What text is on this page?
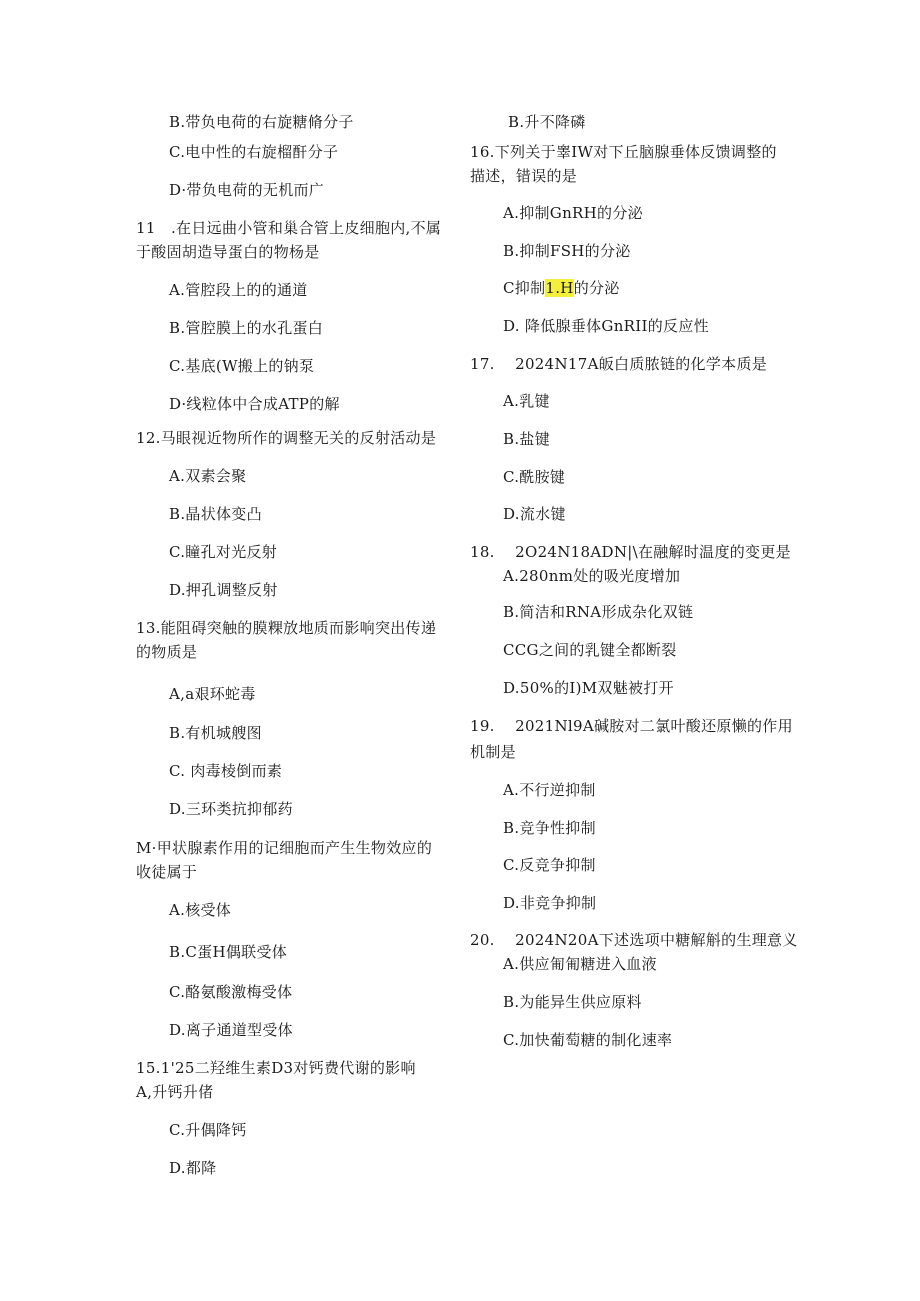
B.带负电荷的右旋糖脩分子
C.电中性的右旋榴酐分子
D·带负电荷的无机而广
11　.在日远曲小管和巢合管上皮细胞内,不属
于酸固胡造导蛋白的物杨是
A.管腔段上的的通道
B.管腔膜上的水孔蛋白
C.基底(W搬上的钠泵
D·线粒体中合成ATP的解
12.马眼视近物所作的调整无关的反射活动是
A.双素会聚
B.晶状体变凸
C.瞳孔对光反射
D.押孔调整反射
13.能阻碍突触的膜粿放地质而影响突出传递
的物质是
A,a艰环蛇毒
B.有机城艘图
C. 肉毒棱倒而素
D.三环类抗抑郁药
M·甲状腺素作用的记细胞而产生生物效应的
收徒属于
A.核受体
B.C蛋H偶联受体
C.酪氨酸激梅受体
D.离子通道型受体
15.1'25二羟维生素D3对钙费代谢的影响
A,升钙升偖
C.升偶降钙
D.都降
B.升不降磷
16.下列关于睾IW对下丘脑腺垂体反馈调整的
描述，错误的是
A.抑制GnRH的分泌
B.抑制FSH的分泌
C抑制1.H的分泌
D. 降低腺垂体GnRII的反应性
17.　 2024N17A皈白质脓链的化学本质是
A.乳键
B.盐键
C.酰胺键
D.流水键
18.　 2O24N18ADN|\在融解时温度的变更是
A.280nm处的吸光度增加
B.简洁和RNA形成杂化双链
CCG之间的乳键全都断裂
D.50%的I)M双魅被打开
19.　 2021Nl9A碱胺对二氯叶酸还原懒的作用
机制是
A.不行逆抑制
B.竞争性抑制
C.反竞争抑制
D.非竞争抑制
20.　 2024N20A下述选项中糖解斛的生理意义
A.供应匍匍糖进入血液
B.为能异生供应原料
C.加快葡萄糖的制化速率
